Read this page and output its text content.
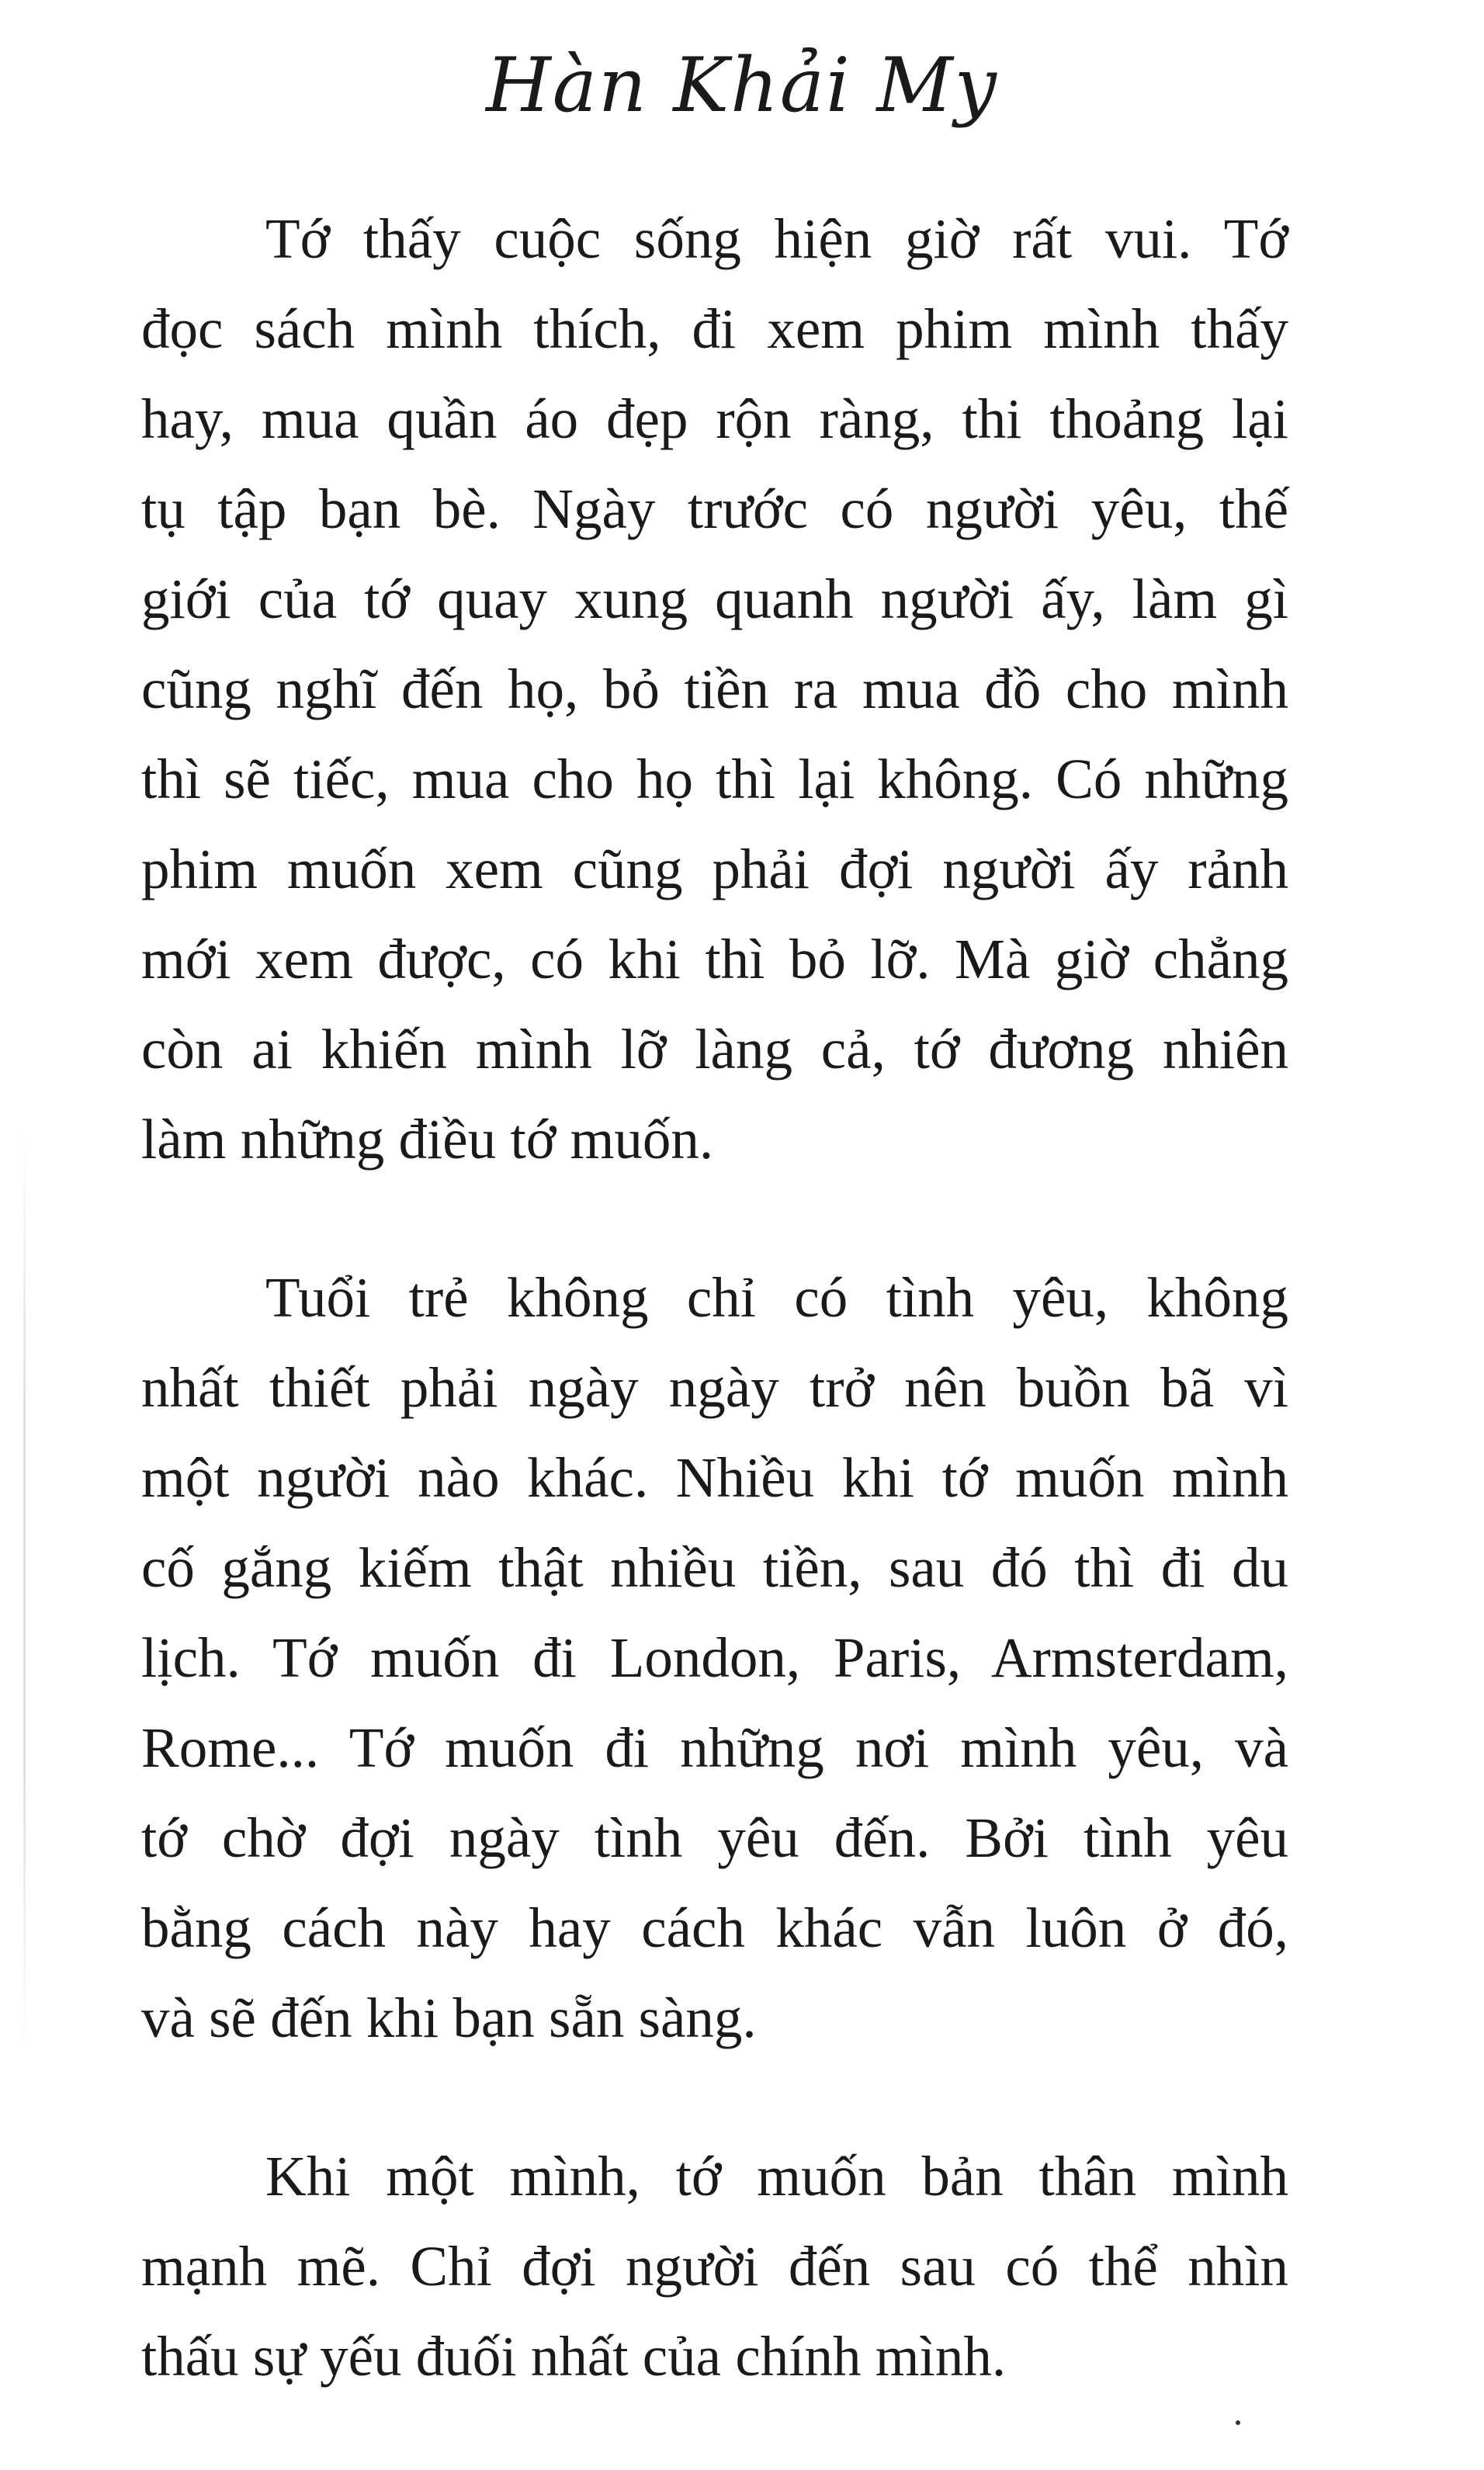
Hàn Khải My

Tớ thấy cuộc sống hiện giờ rất vui. Tớ
đọc sách mình thích, đi xem phim mình thấy
hay, mua quần áo đẹp rộn ràng, thi thoảng lại
tụ tập bạn bè. Ngày trước có người yêu, thế
giới của tớ quay xung quanh người ấy, làm gì
cũng nghĩ đến họ, bỏ tiền ra mua đồ cho mình
thì sẽ tiếc, mua cho họ thì lại không. Có những
phim muốn xem cũng phải đợi người ấy rảnh
mới xem được, có khi thì bỏ lỡ. Mà giờ chẳng
còn ai khiến mình lỡ làng cả, tớ đương nhiên
làm những điều tớ muốn.

Tuổi trẻ không chỉ có tình yêu, không
nhất thiết phải ngày ngày trở nên buồn bã vì
một người nào khác. Nhiều khi tớ muốn mình
cố gắng kiếm thật nhiều tiền, sau đó thì đi du
lịch. Tớ muốn đi London, Paris, Armsterdam,
Rome... Tớ muốn đi những nơi mình yêu, và
tớ chờ đợi ngày tình yêu đến. Bởi tình yêu
bằng cách này hay cách khác vẫn luôn ở đó,
và sẽ đến khi bạn sẵn sàng.

Khi một mình, tớ muốn bản thân mình
mạnh mẽ. Chỉ đợi người đến sau có thể nhìn
thấu sự yếu đuối nhất của chính mình.
